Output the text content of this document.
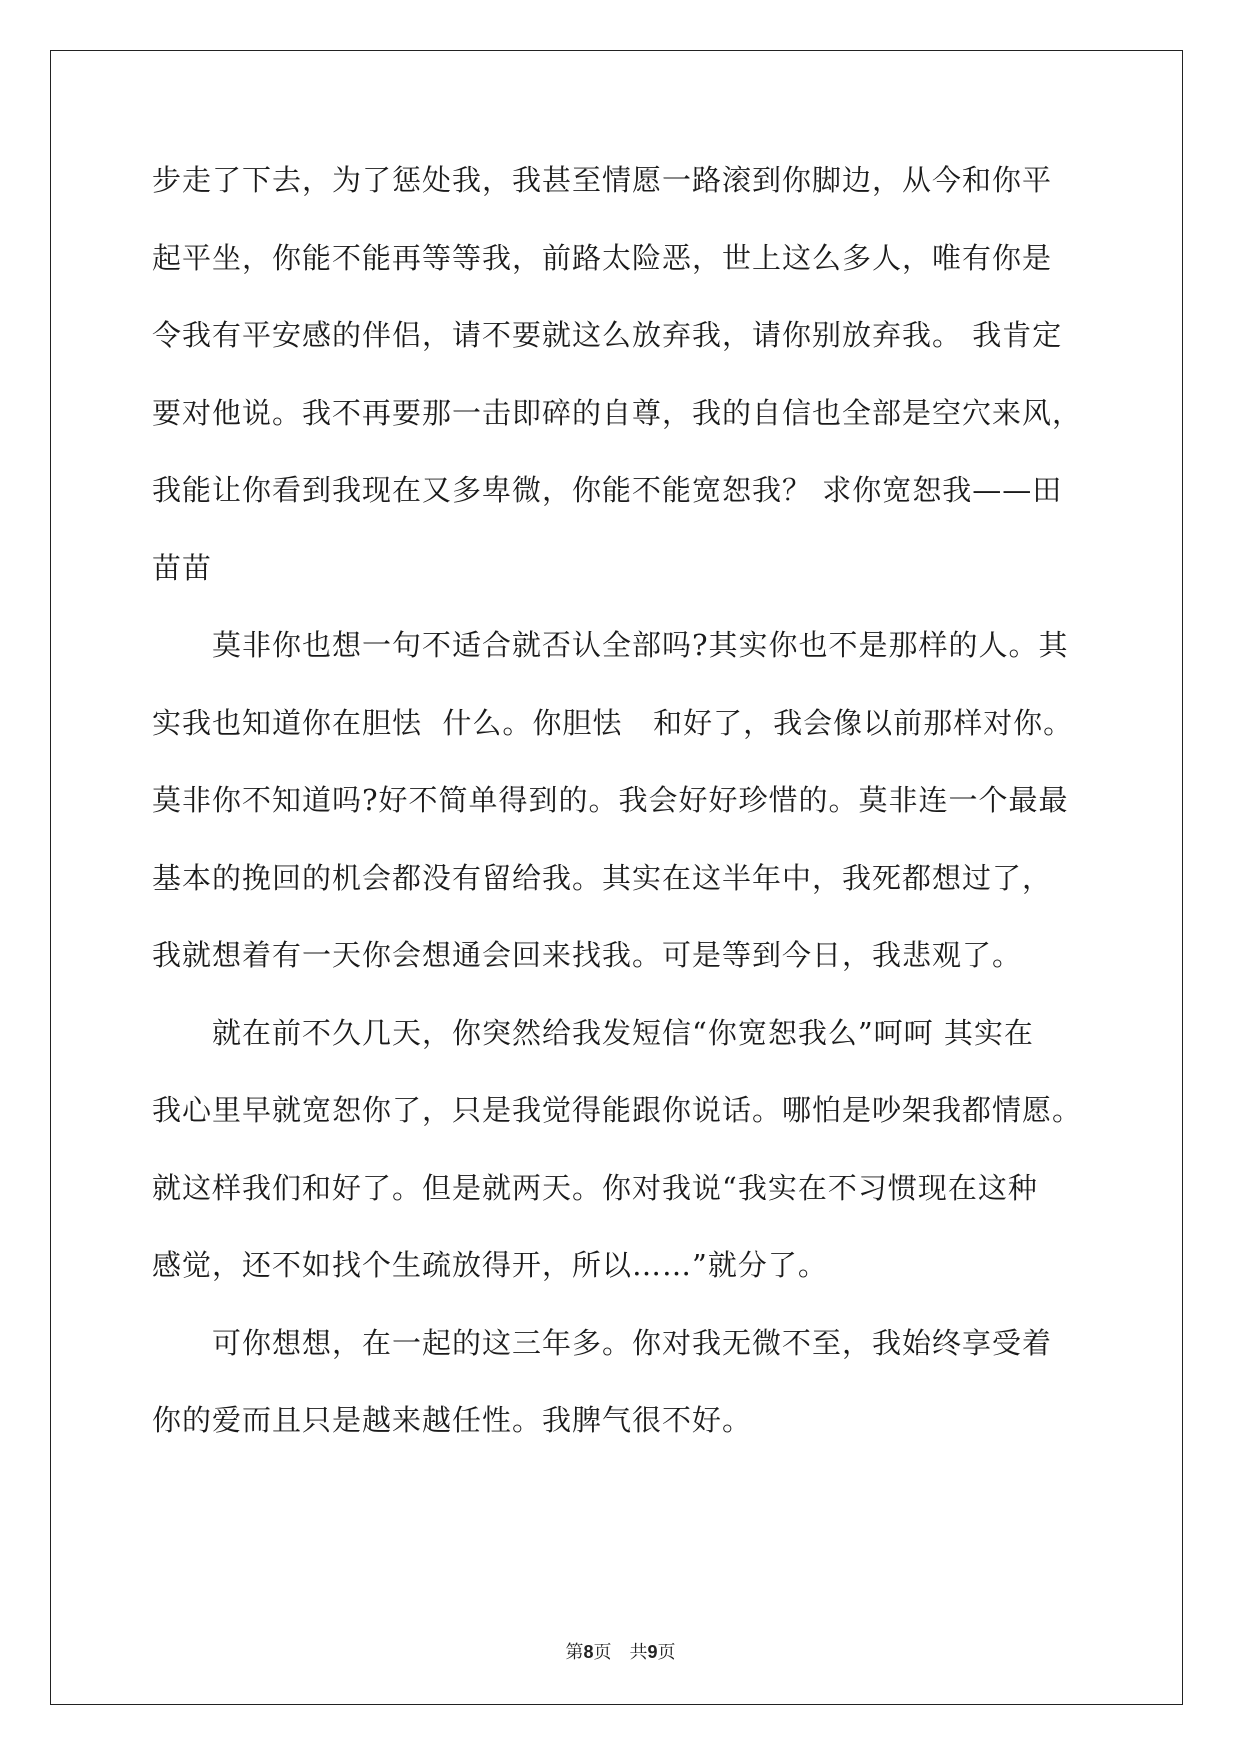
步走了下去，为了惩处我，我甚至情愿一路滚到你脚边，从今和你平
起平坐，你能不能再等等我，前路太险恶，世上这么多人，唯有你是
令我有平安感的伴侣，请不要就这么放弃我，请你别放弃我。 我肯定
要对他说。我不再要那一击即碎的自尊，我的自信也全部是空穴来风，
我能让你看到我现在又多卑微，你能不能宽恕我？ 求你宽恕我——田
苗苗
　　莫非你也想一句不适合就否认全部吗?其实你也不是那样的人。其
实我也知道你在胆怯  什么。你胆怯   和好了，我会像以前那样对你。
莫非你不知道吗?好不简单得到的。我会好好珍惜的。莫非连一个最最
基本的挽回的机会都没有留给我。其实在这半年中，我死都想过了，
我就想着有一天你会想通会回来找我。可是等到今日，我悲观了。
　　就在前不久几天，你突然给我发短信“你宽恕我么”呵呵 其实在
我心里早就宽恕你了，只是我觉得能跟你说话。哪怕是吵架我都情愿。
就这样我们和好了。但是就两天。你对我说“我实在不习惯现在这种
感觉，还不如找个生疏放得开，所以……”就分了。
　　可你想想，在一起的这三年多。你对我无微不至，我始终享受着
你的爱而且只是越来越任性。我脾气很不好。
第8页　共9页
